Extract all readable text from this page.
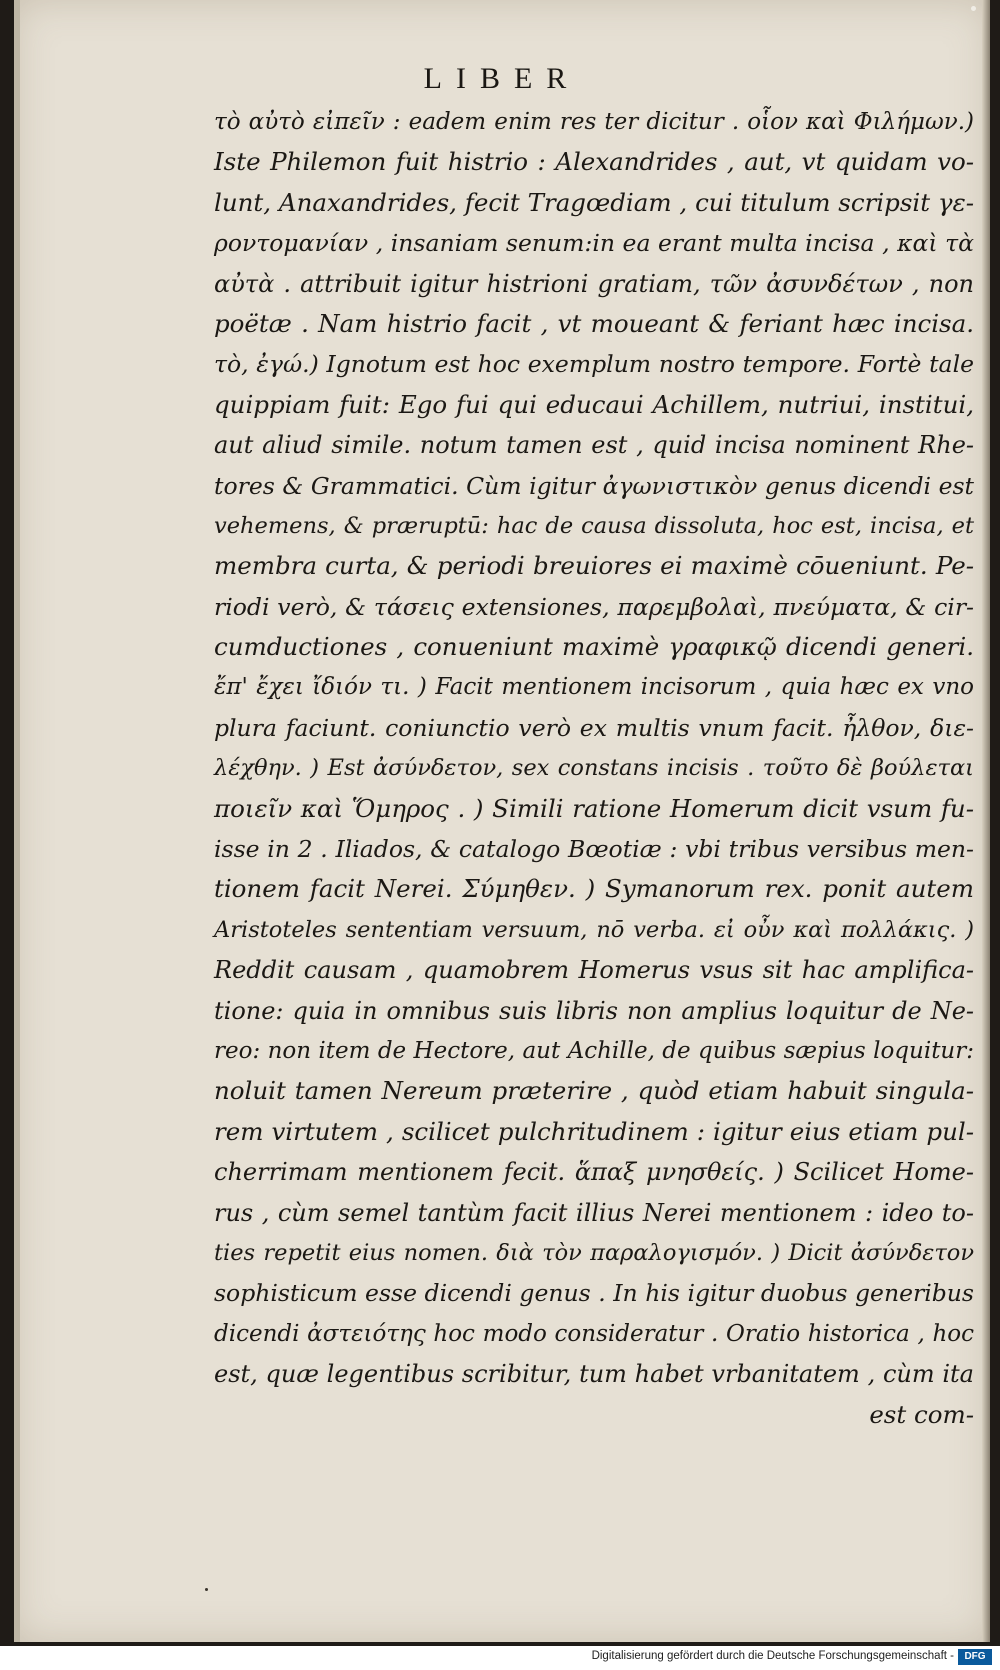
LIBER
τὸ αὐτὸ εἰπεῖν : eadem enim res ter dicitur . οἷον καὶ Φιλήμων.)
Iste Philemon fuit histrio : Alexandrides , aut, vt quidam vo-
lunt, Anaxandrides, fecit Tragœdiam , cui titulum scripsit γε-
ροντομανίαν , insaniam senum:in ea erant multa incisa , καὶ τὰ
αὐτὰ . attribuit igitur histrioni gratiam, τῶν ἀσυνδέτων , non
poëtæ . Nam histrio facit , vt moueant & feriant hæc incisa.
τὸ, ἐγώ.) Ignotum est hoc exemplum nostro tempore. Fortè tale
quippiam fuit: Ego fui qui educaui Achillem, nutriui, institui,
aut aliud simile. notum tamen est , quid incisa nominent Rhe-
tores & Grammatici. Cùm igitur ἀγωνιστικὸν genus dicendi est
vehemens, & præruptū: hac de causa dissoluta, hoc est, incisa, et
membra curta, & periodi breuiores ei maximè cōueniunt. Pe-
riodi verò, & τάσεις extensiones, παρεμβολαὶ, πνεύματα, & cir-
cumductiones , conueniunt maximè γραφικῷ dicendi generi.
ἔπ' ἔχει ἴδιόν τι. ) Facit mentionem incisorum , quia hæc ex vno
plura faciunt. coniunctio verò ex multis vnum facit. ἦλθον, διε-
λέχθην. ) Est ἀσύνδετον, sex constans incisis . τοῦτο δὲ βούλεται
ποιεῖν καὶ Ὅμηρος . ) Simili ratione Homerum dicit vsum fu-
isse in 2 . Iliados, & catalogo Bœotiæ : vbi tribus versibus men-
tionem facit Nerei. Σύμηθεν. ) Symanorum rex. ponit autem
Aristoteles sententiam versuum, nō verba. εἰ οὖν καὶ πολλάκις. )
Reddit causam , quamobrem Homerus vsus sit hac amplifica-
tione: quia in omnibus suis libris non amplius loquitur de Ne-
reo: non item de Hectore, aut Achille, de quibus sæpius loquitur:
noluit tamen Nereum præterire , quòd etiam habuit singula-
rem virtutem , scilicet pulchritudinem : igitur eius etiam pul-
cherrimam mentionem fecit. ἅπαξ μνησθείς. ) Scilicet Home-
rus , cùm semel tantùm facit illius Nerei mentionem : ideo to-
ties repetit eius nomen. διὰ τὸν παραλογισμόν. ) Dicit ἀσύνδετον
sophisticum esse dicendi genus . In his igitur duobus generibus
dicendi ἀστειότης hoc modo consideratur . Oratio historica , hoc
est, quæ legentibus scribitur, tum habet vrbanitatem , cùm ita
est com-
Digitalisierung gefördert durch die Deutsche Forschungsgemeinschaft -	DFG
